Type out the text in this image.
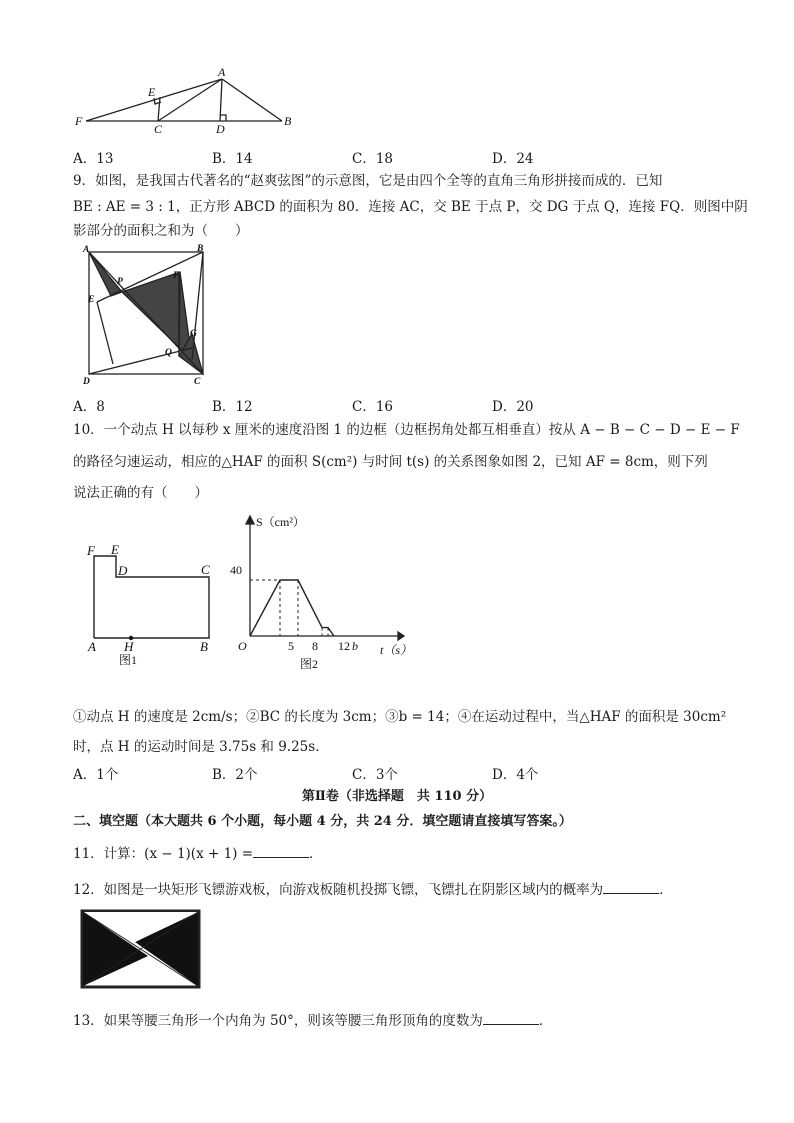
A
E
F
C	D
B
A．13	B．14	C．18	D．24
9．如图，是我国古代著名的“赵爽弦图”的示意图，它是由四个全等的直角三角形拼接而成的．已知
BE : AE = 3 : 1，正方形 ABCD 的面积为 80．连接 AC，交 BE 于点 P，交 DG 于点 Q，连接 FQ．则图中阴
影部分的面积之和为（　　）
A	B
C
D
E
F
G
P
Q
A．8	B．12	C．16	D．20
10．一个动点 H 以每秒 x 厘米的速度沿图 1 的边框（边框拐角处都互相垂直）按从 A − B − C − D − E − F
的路径匀速运动，相应的△HAF 的面积 S(cm²) 与时间 t(s) 的关系图象如图 2，已知 AF = 8cm，则下列
说法正确的有（　　）
F E
D	C
A H	B
图1
S（cm²）
t（s）
O
40
5 8 12 b
图2
①动点 H 的速度是 2cm/s；②BC 的长度为 3cm；③b = 14；④在运动过程中，当△HAF 的面积是 30cm²
时，点 H 的运动时间是 3.75s 和 9.25s．
A．1个	B．2个	C．3个	D．4个
第Ⅱ卷（非选择题　共 110 分）
二、填空题（本大题共 6 个小题，每小题 4 分，共 24 分．填空题请直接填写答案。）
11．计算：(x − 1)(x + 1) =	．
12．如图是一块矩形飞镖游戏板，向游戏板随机投掷飞镖，飞镖扎在阴影区域内的概率为	．
13．如果等腰三角形一个内角为 50°，则该等腰三角形顶角的度数为	．
